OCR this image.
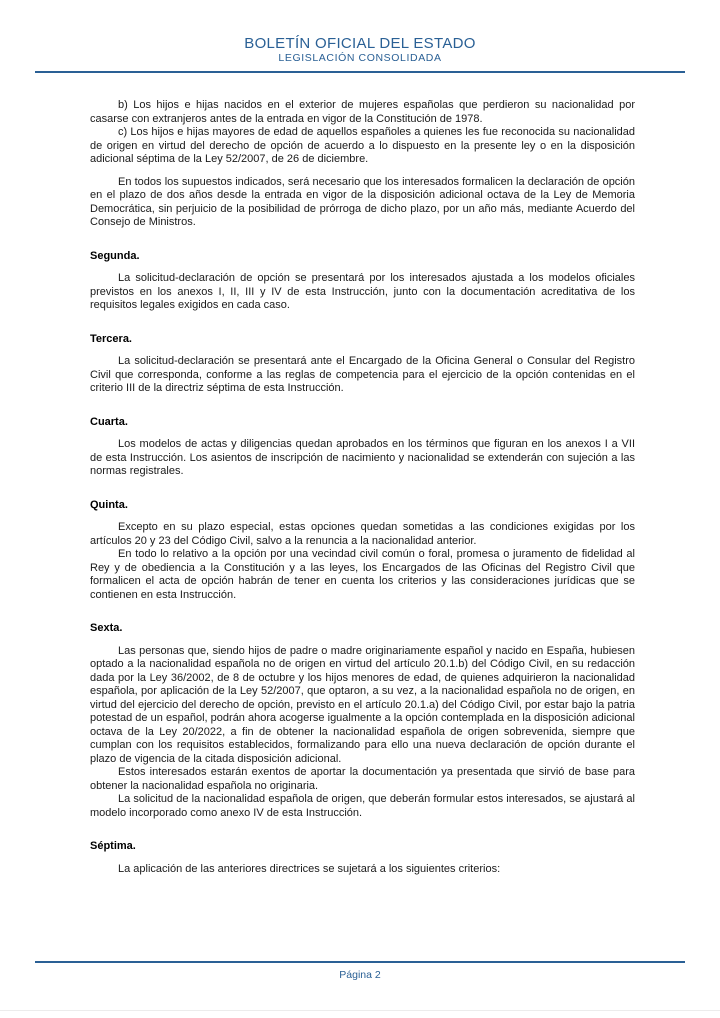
BOLETÍN OFICIAL DEL ESTADO
LEGISLACIÓN CONSOLIDADA

b) Los hijos e hijas nacidos en el exterior de mujeres españolas que perdieron su nacionalidad por casarse con extranjeros antes de la entrada en vigor de la Constitución de 1978.

c) Los hijos e hijas mayores de edad de aquellos españoles a quienes les fue reconocida su nacionalidad de origen en virtud del derecho de opción de acuerdo a lo dispuesto en la presente ley o en la disposición adicional séptima de la Ley 52/2007, de 26 de diciembre.

En todos los supuestos indicados, será necesario que los interesados formalicen la declaración de opción en el plazo de dos años desde la entrada en vigor de la disposición adicional octava de la Ley de Memoria Democrática, sin perjuicio de la posibilidad de prórroga de dicho plazo, por un año más, mediante Acuerdo del Consejo de Ministros.

Segunda.

La solicitud-declaración de opción se presentará por los interesados ajustada a los modelos oficiales previstos en los anexos I, II, III y IV de esta Instrucción, junto con la documentación acreditativa de los requisitos legales exigidos en cada caso.

Tercera.

La solicitud-declaración se presentará ante el Encargado de la Oficina General o Consular del Registro Civil que corresponda, conforme a las reglas de competencia para el ejercicio de la opción contenidas en el criterio III de la directriz séptima de esta Instrucción.

Cuarta.

Los modelos de actas y diligencias quedan aprobados en los términos que figuran en los anexos I a VII de esta Instrucción. Los asientos de inscripción de nacimiento y nacionalidad se extenderán con sujeción a las normas registrales.

Quinta.

Excepto en su plazo especial, estas opciones quedan sometidas a las condiciones exigidas por los artículos 20 y 23 del Código Civil, salvo a la renuncia a la nacionalidad anterior.

En todo lo relativo a la opción por una vecindad civil común o foral, promesa o juramento de fidelidad al Rey y de obediencia a la Constitución y a las leyes, los Encargados de las Oficinas del Registro Civil que formalicen el acta de opción habrán de tener en cuenta los criterios y las consideraciones jurídicas que se contienen en esta Instrucción.

Sexta.

Las personas que, siendo hijos de padre o madre originariamente español y nacido en España, hubiesen optado a la nacionalidad española no de origen en virtud del artículo 20.1.b) del Código Civil, en su redacción dada por la Ley 36/2002, de 8 de octubre y los hijos menores de edad, de quienes adquirieron la nacionalidad española, por aplicación de la Ley 52/2007, que optaron, a su vez, a la nacionalidad española no de origen, en virtud del ejercicio del derecho de opción, previsto en el artículo 20.1.a) del Código Civil, por estar bajo la patria potestad de un español, podrán ahora acogerse igualmente a la opción contemplada en la disposición adicional octava de la Ley 20/2022, a fin de obtener la nacionalidad española de origen sobrevenida, siempre que cumplan con los requisitos establecidos, formalizando para ello una nueva declaración de opción durante el plazo de vigencia de la citada disposición adicional.

Estos interesados estarán exentos de aportar la documentación ya presentada que sirvió de base para obtener la nacionalidad española no originaria.

La solicitud de la nacionalidad española de origen, que deberán formular estos interesados, se ajustará al modelo incorporado como anexo IV de esta Instrucción.

Séptima.

La aplicación de las anteriores directrices se sujetará a los siguientes criterios:

Página 2
